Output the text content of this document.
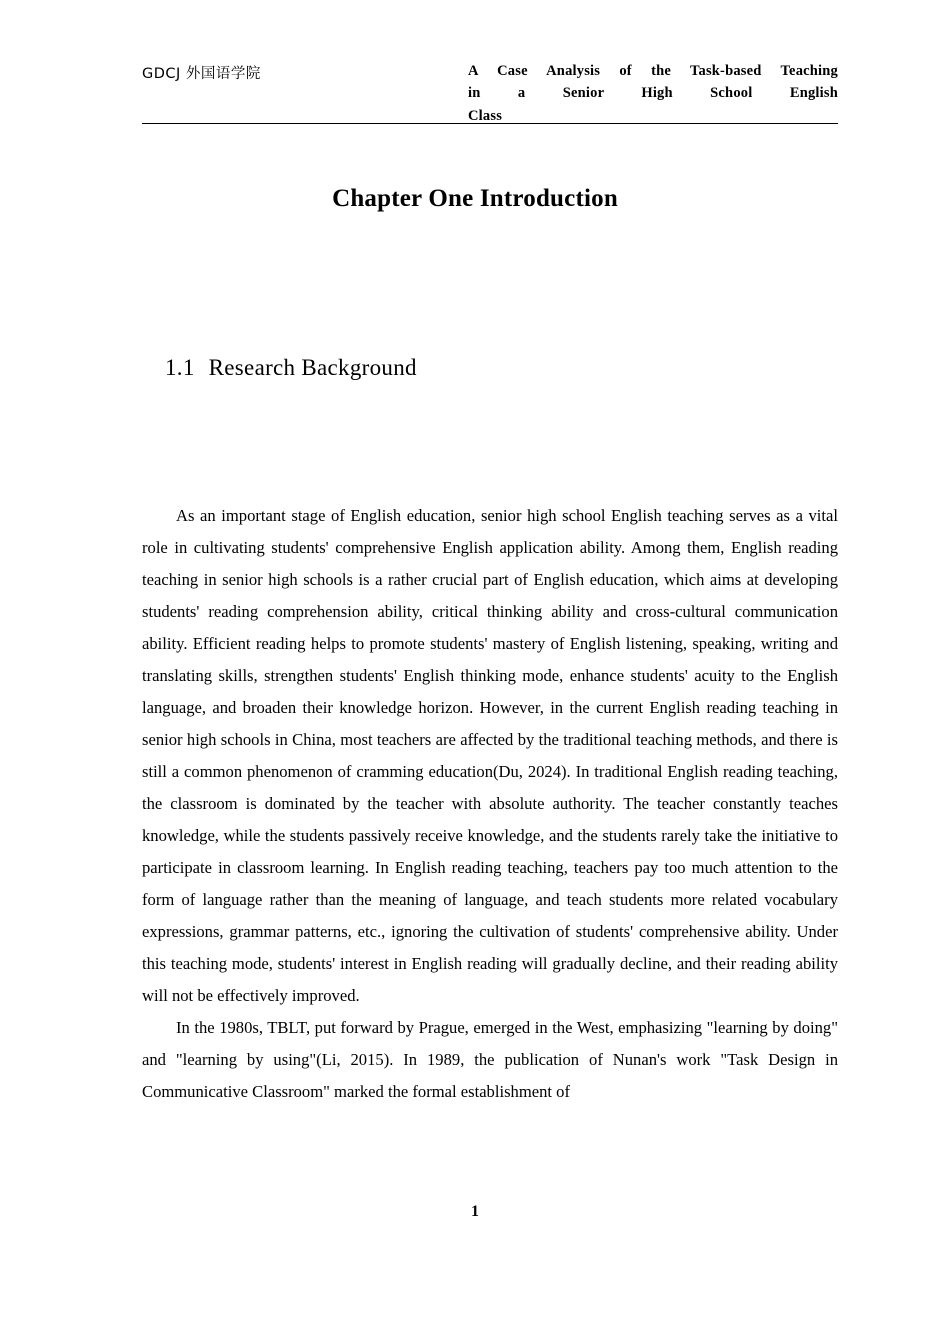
GDCJ 外国语学院	A Case Analysis of the Task-based Teaching
in a Senior High School English
Class
Chapter One Introduction
1.1 Research Background

As an important stage of English education, senior high school English teaching serves as a vital role in cultivating students' comprehensive English application ability. Among them, English reading teaching in senior high schools is a rather crucial part of English education, which aims at developing students' reading comprehension ability, critical thinking ability and cross-cultural communication ability. Efficient reading helps to promote students' mastery of English listening, speaking, writing and translating skills, strengthen students' English thinking mode, enhance students' acuity to the English language, and broaden their knowledge horizon. However, in the current English reading teaching in senior high schools in China, most teachers are affected by the traditional teaching methods, and there is still a common phenomenon of cramming education(Du, 2024). In traditional English reading teaching, the classroom is dominated by the teacher with absolute authority. The teacher constantly teaches knowledge, while the students passively receive knowledge, and the students rarely take the initiative to participate in classroom learning. In English reading teaching, teachers pay too much attention to the form of language rather than the meaning of language, and teach students more related vocabulary expressions, grammar patterns, etc., ignoring the cultivation of students' comprehensive ability. Under this teaching mode, students' interest in English reading will gradually decline, and their reading ability will not be effectively improved.

In the 1980s, TBLT, put forward by Prague, emerged in the West, emphasizing "learning by doing" and "learning by using"(Li, 2015). In 1989, the publication of Nunan's work "Task Design in Communicative Classroom" marked the formal establishment of

1
